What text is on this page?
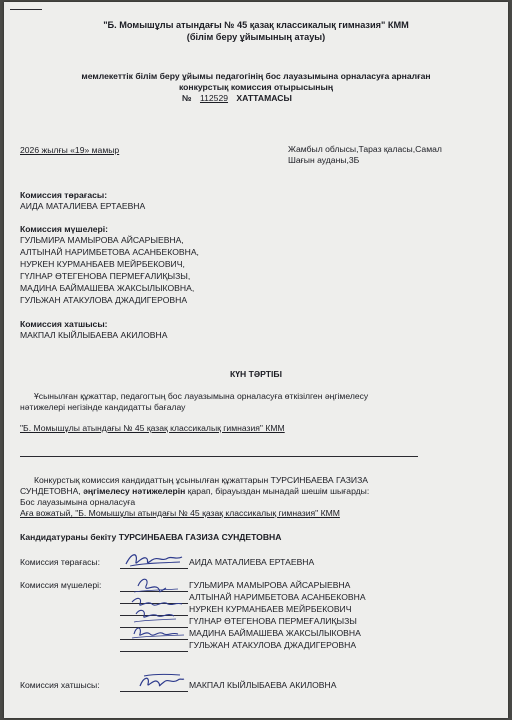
"Б. Момышұлы атындағы № 45 қазақ классикалық гимназия" КММ
(білім беру ұйымының атауы)
мемлекеттік білім беру ұйымы педагогінің бос лауазымына орналасуға арналған
конкурстық комиссия отырысының
№ 112529 ХАТТАМАСЫ
2026 жылғы «19» мамыр	Жамбыл облысы,Тараз қаласы,Самал
Шағын ауданы,3Б
Комиссия төрағасы:
АИДА МАТАЛИЕВА ЕРТАЕВНА
Комиссия мүшелері:
ГУЛЬМИРА МАМЫРОВА АЙСАРЫЕВНА,
АЛТЫНАЙ НАРИМБЕТОВА АСАНБЕКОВНА,
НУРКЕН КУРМАНБАЕВ МЕЙРБЕКОВИЧ,
ГҮЛНАР ӨТЕГЕНОВА ПЕРМЕҒАЛИҚЫЗЫ,
МАДИНА БАЙМАШЕВА ЖАКСЫЛЫКОВНА,
ГУЛЬЖАН АТАКУЛОВА ДЖАДИГЕРОВНА
Комиссия хатшысы:
МАКПАЛ КЫЙЛЫБАЕВА АКИЛОВНА
КҮН ТӘРТІБІ
Ұсынылған құжаттар, педагогтың бос лауазымына орналасуға өткізілген әңгімелесу
нәтижелері негізінде кандидатты бағалау
"Б. Момышұлы атындағы № 45 қазақ классикалық гимназия" КММ
Конкурстық комиссия кандидаттың ұсынылған құжаттарын ТУРСИНБАЕВА ГАЗИЗА
СУНДЕТОВНА, әңгімелесу нәтижелерін қарап, бірауыздан мынадай шешім шығарды:
Бос лауазымына орналасуға
Аға вожатый, "Б. Момышұлы атындағы № 45 қазақ классикалық гимназия" КММ
Кандидатураны бекіту ТУРСИНБАЕВА ГАЗИЗА СУНДЕТОВНА
Комиссия төрағасы:	АИДА МАТАЛИЕВА ЕРТАЕВНА
Комиссия мүшелері:	ГУЛЬМИРА МАМЫРОВА АЙСАРЫЕВНА
АЛТЫНАЙ НАРИМБЕТОВА АСАНБЕКОВНА
НУРКЕН КУРМАНБАЕВ МЕЙРБЕКОВИЧ
ГҮЛНАР ӨТЕГЕНОВА ПЕРМЕҒАЛИҚЫЗЫ
МАДИНА БАЙМАШЕВА ЖАКСЫЛЫКОВНА
ГУЛЬЖАН АТАКУЛОВА ДЖАДИГЕРОВНА
Комиссия хатшысы:	МАКПАЛ КЫЙЛЫБАЕВА АКИЛОВНА
